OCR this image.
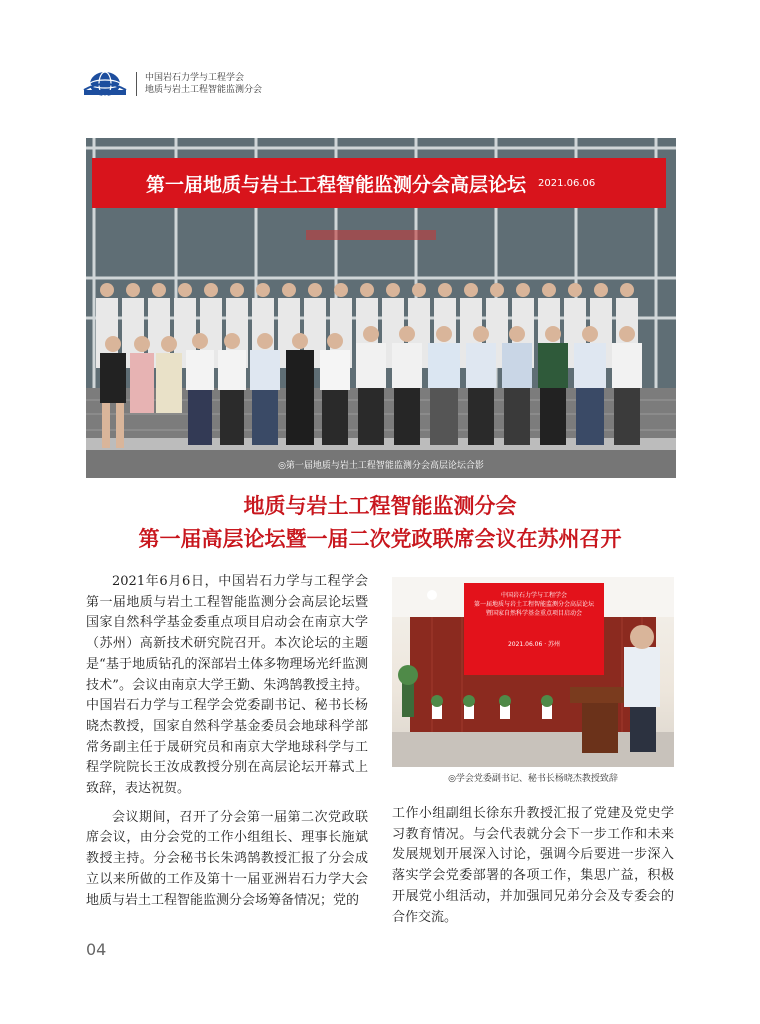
中国岩石力学与工程学会
地质与岩土工程智能监测分会
第一届地质与岩土工程智能监测分会高层论坛 2021.06.06
◎第一届地质与岩土工程智能监测分会高层论坛合影
地质与岩土工程智能监测分会
第一届高层论坛暨一届二次党政联席会议在苏州召开

2021年6月6日，中国岩石力学与工程学会第一届地质与岩土工程智能监测分会高层论坛暨国家自然科学基金委重点项目启动会在南京大学（苏州）高新技术研究院召开。本次论坛的主题是“基于地质钻孔的深部岩土体多物理场光纤监测技术”。会议由南京大学王勤、朱鸿鹄教授主持。中国岩石力学与工程学会党委副书记、秘书长杨晓杰教授，国家自然科学基金委员会地球科学部常务副主任于晟研究员和南京大学地球科学与工程学院院长王汝成教授分别在高层论坛开幕式上致辞，表达祝贺。

会议期间，召开了分会第一届第二次党政联席会议，由分会党的工作小组组长、理事长施斌教授主持。分会秘书长朱鸿鹄教授汇报了分会成立以来所做的工作及第十一届亚洲岩石力学大会地质与岩土工程智能监测分会场筹备情况；党的

中国岩石力学与工程学会
第一届地质与岩土工程智能监测分会高层论坛
暨国家自然科学基金重点项目启动会
2021.06.06 · 苏州
◎学会党委副书记、秘书长杨晓杰教授致辞

工作小组副组长徐东升教授汇报了党建及党史学习教育情况。与会代表就分会下一步工作和未来发展规划开展深入讨论，强调今后要进一步深入落实学会党委部署的各项工作，集思广益，积极开展党小组活动，并加强同兄弟分会及专委会的合作交流。

04
